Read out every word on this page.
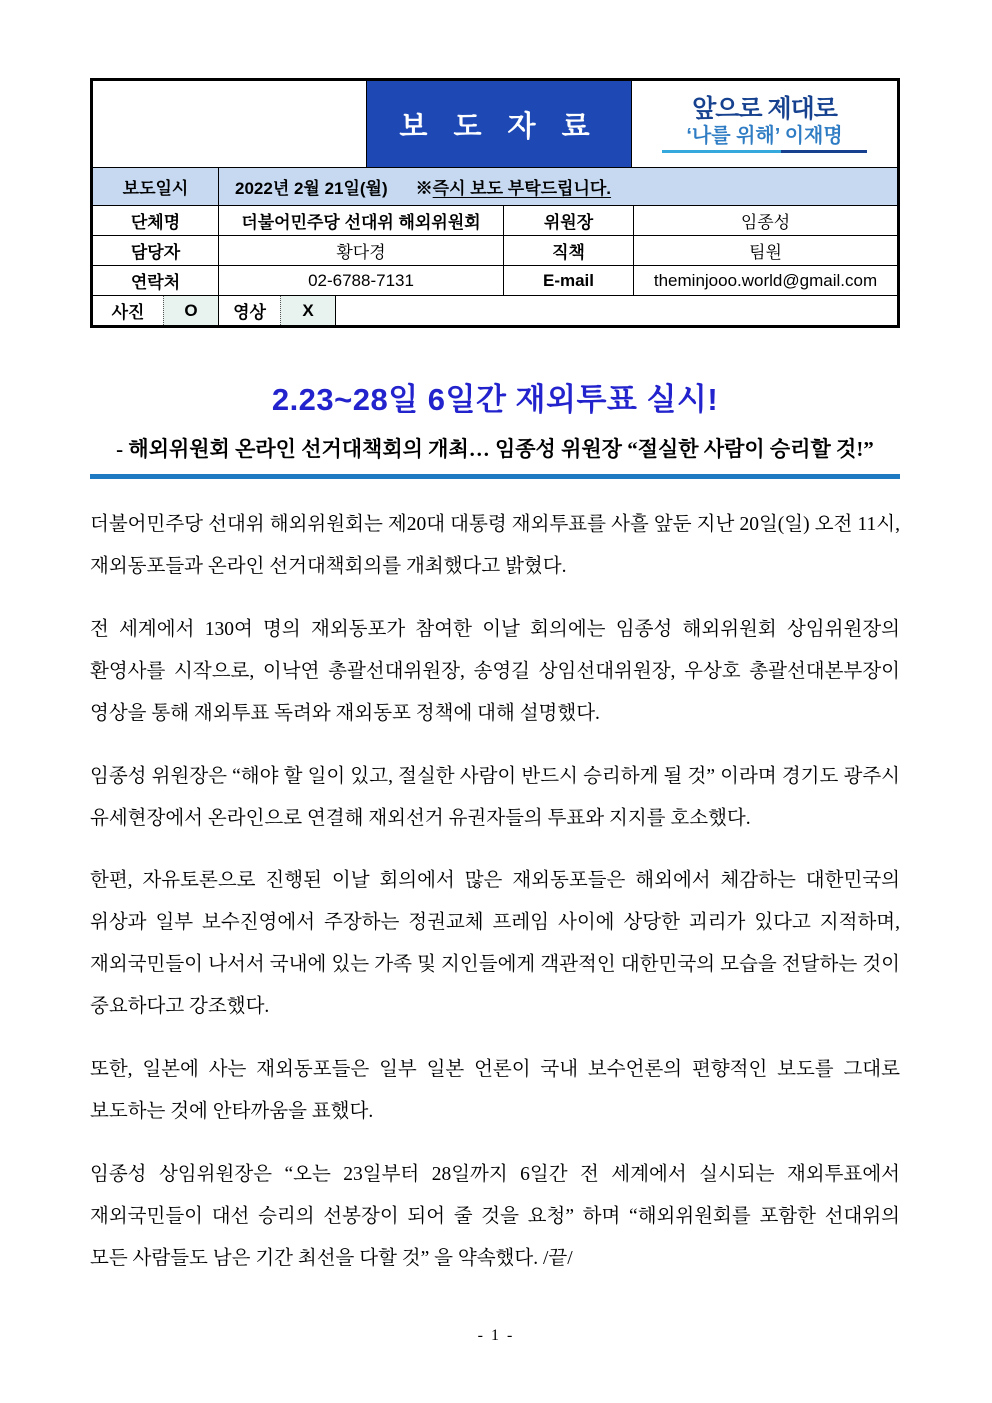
보 도 자 료
앞으로 제대로
‘나를 위해’ 이재명
보도일시	2022년 2월 21일(월) ※즉시 보도 부탁드립니다.
단체명	더불어민주당 선대위 해외위원회	위원장	임종성
담당자	황다경	직책	팀원
연락처	02-6788-7131	E-mail	theminjooo.world@gmail.com
사진	O	영상	X
2.23~28일 6일간 재외투표 실시!
- 해외위원회 온라인 선거대책회의 개최… 임종성 위원장 “절실한 사람이 승리할 것!”

더불어민주당 선대위 해외위원회는 제20대 대통령 재외투표를 사흘 앞둔 지난 20일(일) 오전 11시, 재외동포들과 온라인 선거대책회의를 개최했다고 밝혔다.

전 세계에서 130여 명의 재외동포가 참여한 이날 회의에는 임종성 해외위원회 상임위원장의 환영사를 시작으로, 이낙연 총괄선대위원장, 송영길 상임선대위원장, 우상호 총괄선대본부장이 영상을 통해 재외투표 독려와 재외동포 정책에 대해 설명했다.

임종성 위원장은 “해야 할 일이 있고, 절실한 사람이 반드시 승리하게 될 것” 이라며 경기도 광주시 유세현장에서 온라인으로 연결해 재외선거 유권자들의 투표와 지지를 호소했다.

한편, 자유토론으로 진행된 이날 회의에서 많은 재외동포들은 해외에서 체감하는 대한민국의 위상과 일부 보수진영에서 주장하는 정권교체 프레임 사이에 상당한 괴리가 있다고 지적하며, 재외국민들이 나서서 국내에 있는 가족 및 지인들에게 객관적인 대한민국의 모습을 전달하는 것이 중요하다고 강조했다.

또한, 일본에 사는 재외동포들은 일부 일본 언론이 국내 보수언론의 편향적인 보도를 그대로 보도하는 것에 안타까움을 표했다.

임종성 상임위원장은 “오는 23일부터 28일까지 6일간 전 세계에서 실시되는 재외투표에서 재외국민들이 대선 승리의 선봉장이 되어 줄 것을 요청” 하며 “해외위원회를 포함한 선대위의 모든 사람들도 남은 기간 최선을 다할 것” 을 약속했다. /끝/

- 1 -
